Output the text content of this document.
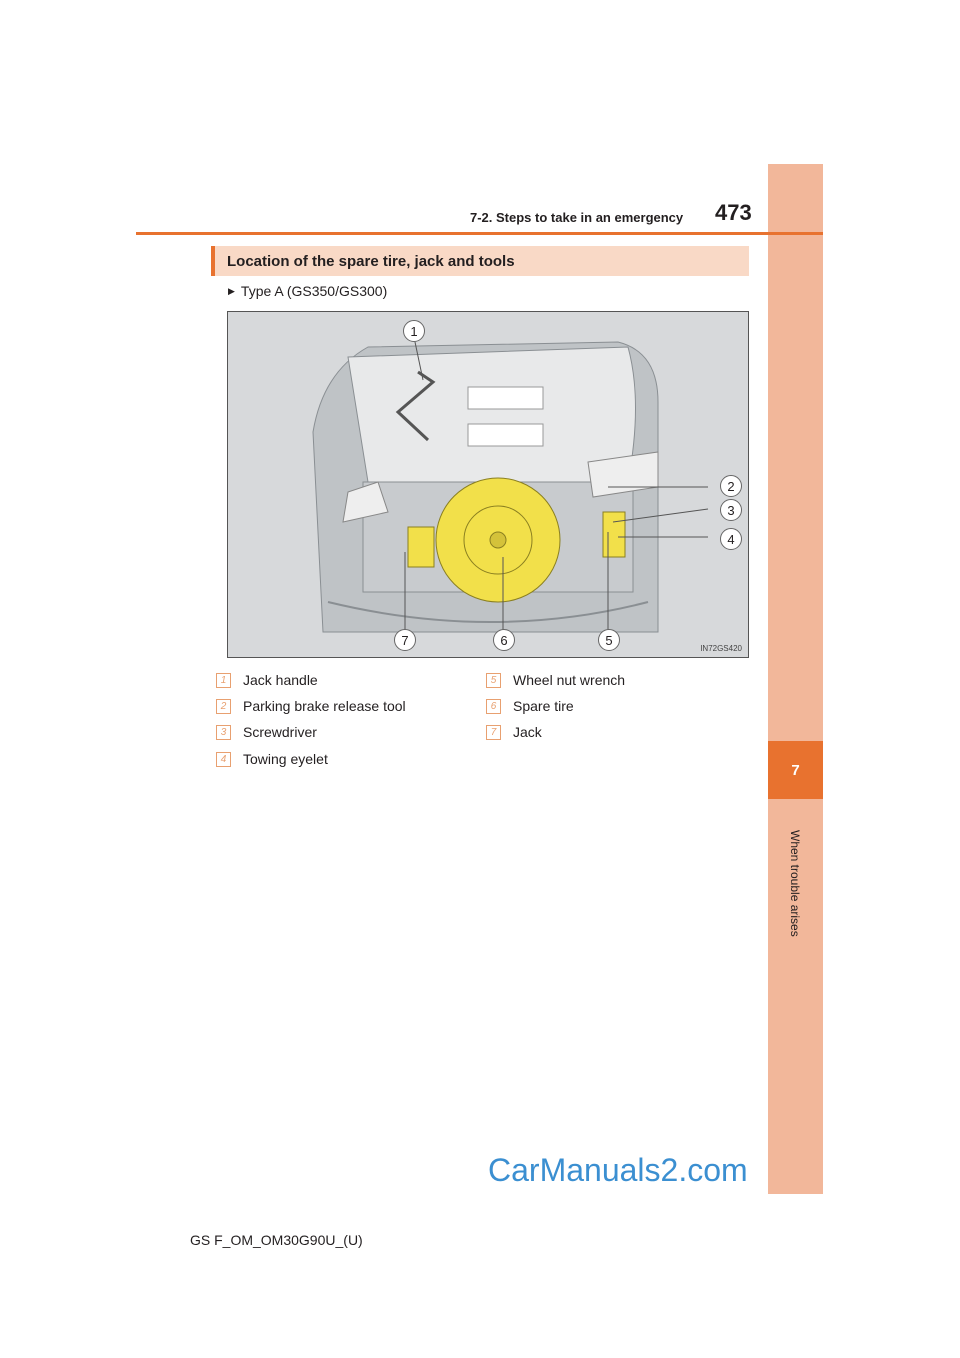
7
When trouble arises
7-2. Steps to take in an emergency 473
Location of the spare tire, jack and tools
▶ Type A (GS350/GS300)
1
2
3
4
5
6
7
IN72GS420
1	Jack handle
2	Parking brake release tool
3	Screwdriver
4	Towing eyelet
5	Wheel nut wrench
6	Spare tire
7	Jack
CarManuals2.com
GS F_OM_OM30G90U_(U)
